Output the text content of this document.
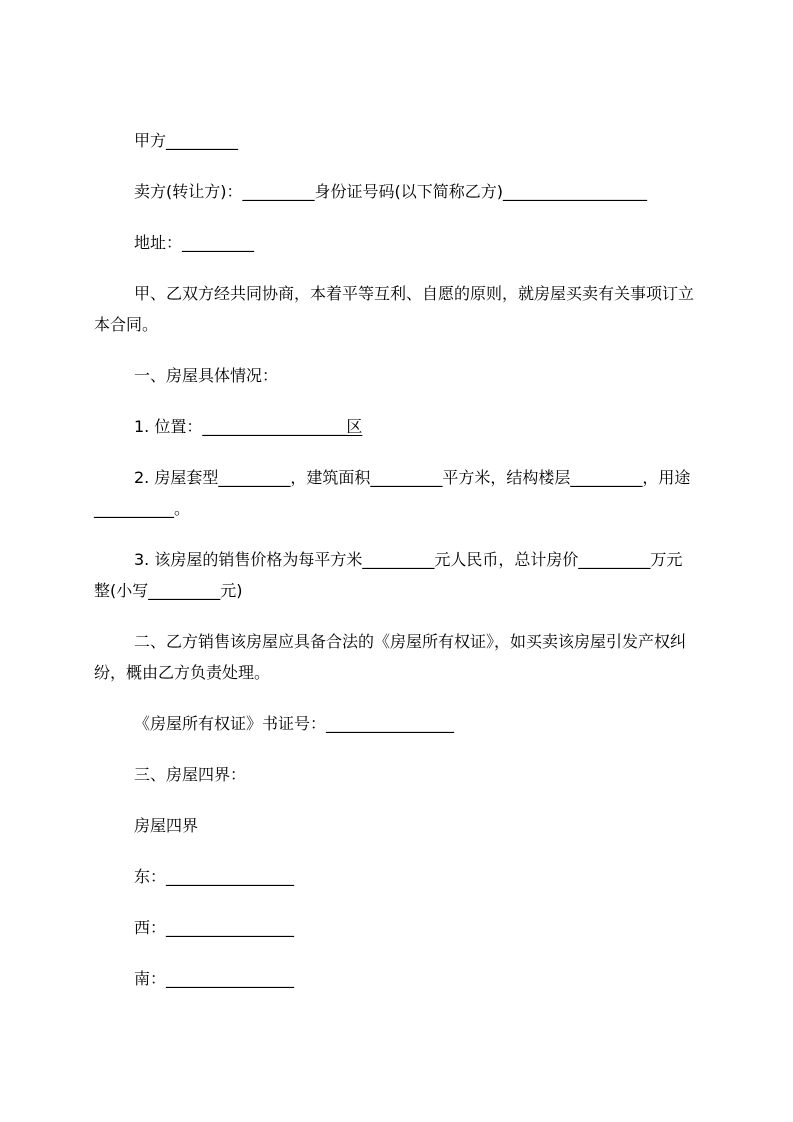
甲方_________

卖方(转让方)：_________身份证号码(以下简称乙方)__________________

地址：_________

甲、乙双方经共同协商，本着平等互利、自愿的原则，就房屋买卖有关事项订立本合同。

一、房屋具体情况：

1. 位置：__________________区

2. 房屋套型_________，建筑面积_________平方米，结构楼层_________，用途__________。

3. 该房屋的销售价格为每平方米_________元人民币，总计房价_________万元整(小写_________元)

二、乙方销售该房屋应具备合法的《房屋所有权证》，如买卖该房屋引发产权纠纷，概由乙方负责处理。

《房屋所有权证》书证号：________________

三、房屋四界：

房屋四界

东：________________

西：________________

南：________________
